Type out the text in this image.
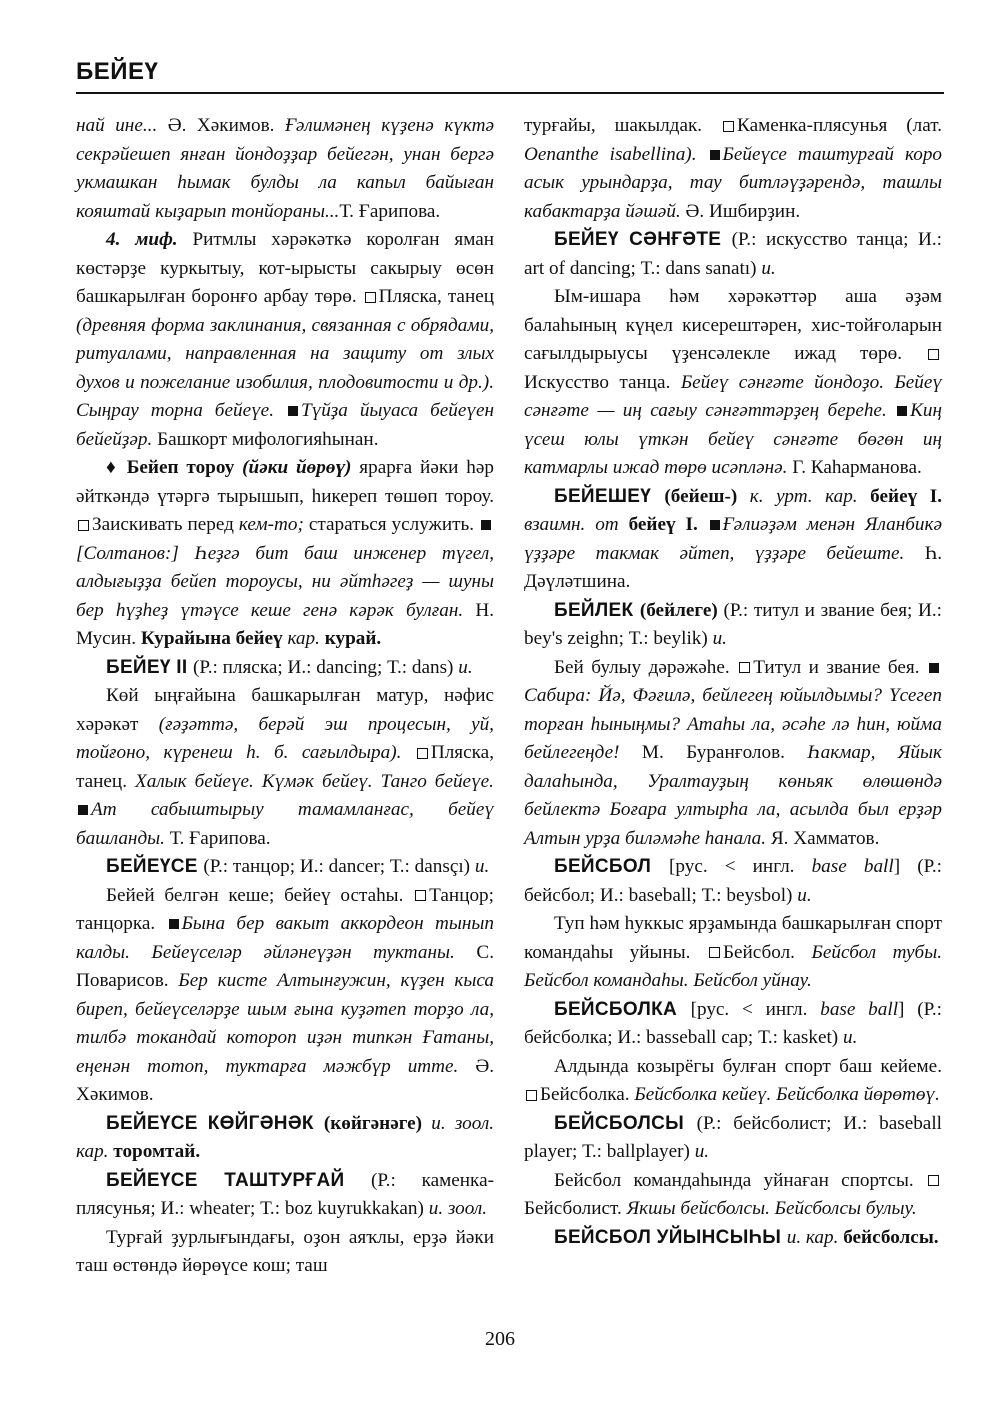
БЕЙЕҮ

най ине... Ә. Хәкимов. Ғәлимәнең күҙенә күктә секрәйешеп янған йондоҙҙар бейегән, унан бергә укмашкан һымак булды ла капыл байыған кояштай кыҙарып тонйораны...Т. Ғарипова.

4. миф. Ритмлы хәрәкәткә королған яман көстәрҙе куркытыу, кот-ырысты сакырыу өсөн башкарылған боронғо арбау төрө. Пляска, танец (древняя форма заклинания, связанная с обрядами, ритуалами, направленная на защиту от злых духов и пожелание изобилия, плодовитости и др.). Сыңрау торна бейеүе. Түйҙа йыуаса бейеүен бейейҙәр. Башкорт мифологияһынан.

♦ Бейеп тороу (йәки йөрөү) ярарға йәки һәр әйткәндә үтәргә тырышып, һикереп төшөп тороу. Заискивать перед кем-то; стараться услужить. [Солтанов:] Һеҙгә бит баш инженер түгел, алдығыҙҙа бейеп тороусы, ни әйтһәгеҙ — шуны бер һүҙһеҙ үтәүсе кеше генә кәрәк булған. Н. Мусин. Курайына бейеү кар. курай.

БЕЙЕҮ II (Р.: пляска; И.: dancing; Т.: dans) и.

Көй ыңғайына башкарылған матур, нәфис хәрәкәт (ғәҙәттә, берәй эш процесын, уй, тойғоно, күренеш һ. б. сағылдыра). Пляска, танец. Халык бейеүе. Күмәк бейеү. Танго бейеүе. Ат сабыштырыу тамамланғас, бейеү башланды. Т. Ғарипова.

БЕЙЕҮСЕ (Р.: танцор; И.: dancer; Т.: dansçı) и.

Бейей белгән кеше; бейеү остаһы. Танцор; танцорка. Бына бер вакыт аккордеон тынып калды. Бейеүселәр әйләнеүҙән туктаны. С. Поварисов. Бер кисте Алтынғужин, күҙен кыса биреп, бейеүселәрҙе шым ғына куҙәтеп торҙо ла, тилбә токандай котороп иҙән типкән Ғатаны, еңенән тотоп, туктарға мәжбүр итте. Ә. Хәкимов.

БЕЙЕҮСЕ КӨЙГӘНӘК (көйгәнәге) и. зоол. кар. торомтай.

БЕЙЕҮСЕ ТАШТУРҒАЙ (Р.: каменка-плясунья; И.: wheater; Т.: boz kuyrukkakan) и. зоол.

Турғай ҙурлығындағы, оҙон аяҡлы, ерҙә йәки таш өстөндә йөрөүсе кош; таш

турғайы, шакылдак. Каменка-плясунья (лат. Oenanthe isabellina). Бейеүсе таштурғай коро асык урындарҙа, тау битләүҙәрендә, ташлы кабактарҙа йәшәй. Ә. Ишбирҙин.

БЕЙЕҮ СӘНҒӘТЕ (Р.: искусство танца; И.: art of dancing; Т.: dans sanatı) и.

Ым-ишара һәм хәрәкәттәр аша әҙәм балаһының күңел кисерештәрен, хис-тойғоларын сағылдырыусы үҙенсәлекле ижад төрө. Искусство танца. Бейеү сәнғәте йондоҙо. Бейеү сәнғәте — иң сағыу сәнғәттәрҙең береһе. Киң үсеш юлы үткән бейеү сәнғәте бөгөн иң катмарлы ижад төрө исәпләнә. Г. Каһарманова.

БЕЙЕШЕҮ (бейеш-) к. урт. кар. бейеү I. взаимн. от бейеү I. Ғәлиәҙәм менән Яланбикә үҙҙәре такмак әйтеп, үҙҙәре бейеште. Һ. Дәүләтшина.

БЕЙЛЕК (бейлеге) (Р.: титул и звание бея; И.: bey's zeighn; Т.: beylik) и.

Бей булыу дәрәжәһе. Титул и звание бея. Сабира: Йә, Фәғилә, бейлегең юйылдымы? Үсегеп торған һыныңмы? Атаһы ла, әсәһе лә һин, юйма бейлегеңде! М. Буранғолов. Һакмар, Яйык далаһында, Уралтауҙың көньяк өлөшөндә бейлектә Боғара ултырһа ла, асылда был ерҙәр Алтын урҙа биләмәһе һанала. Я. Хамматов.

БЕЙСБОЛ [рус. < ингл. base ball] (Р.: бейсбол; И.: baseball; Т.: beysbol) и.

Туп һәм һуккыс ярҙамында башкарылған спорт командаһы уйыны. Бейсбол. Бейсбол тубы. Бейсбол командаһы. Бейсбол уйнау.

БЕЙСБОЛКА [рус. < ингл. base ball] (Р.: бейсболка; И.: basseball cap; Т.: kasket) и.

Алдында козырёгы булған спорт баш кейеме. Бейсболка. Бейсболка кейеү. Бейсболка йөрөтөү.

БЕЙСБОЛСЫ (Р.: бейсболист; И.: baseball player; Т.: ballplayer) и.

Бейсбол командаһында уйнаған спортсы. Бейсболист. Якшы бейсболсы. Бейсболсы булыу.

БЕЙСБОЛ УЙЫНСЫҺЫ и. кар. бейсболсы.

206
